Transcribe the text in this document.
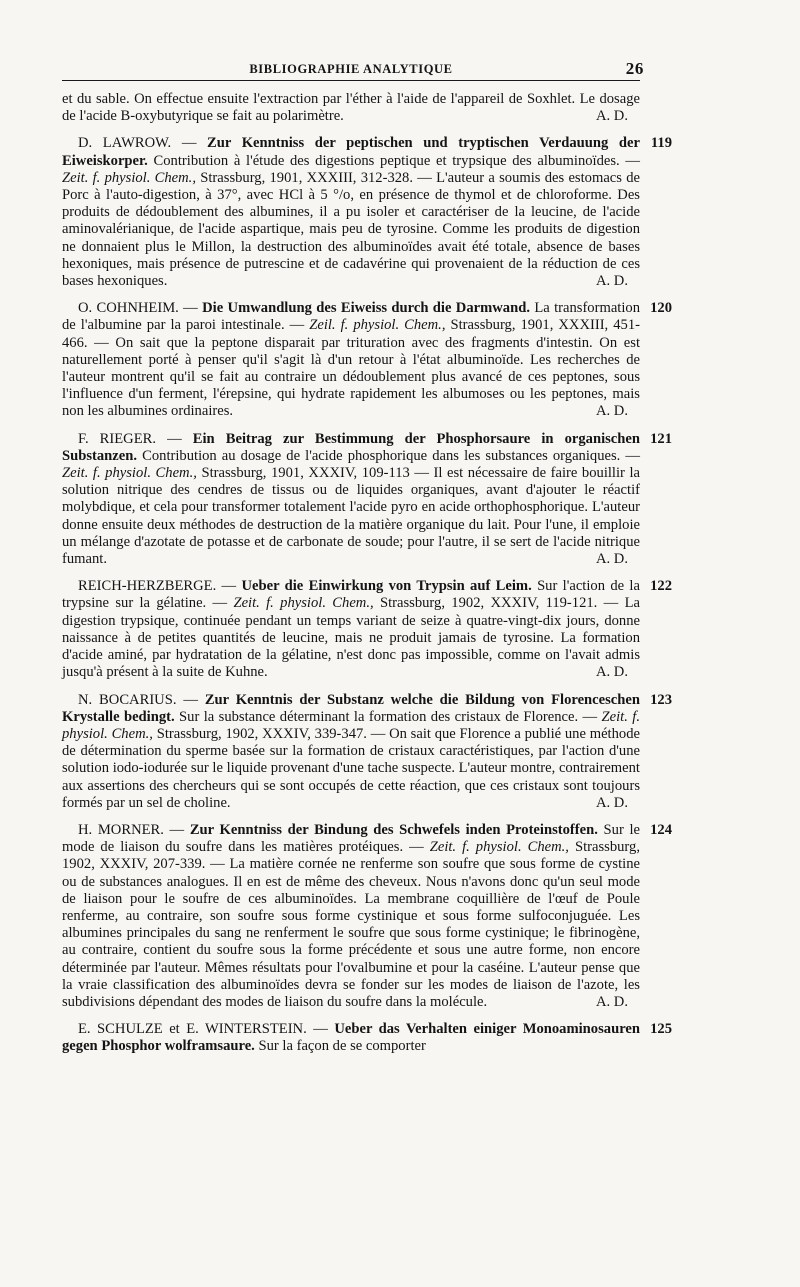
BIBLIOGRAPHIE ANALYTIQUE	26
et du sable. On effectue ensuite l'extraction par l'éther à l'aide de l'appareil de Soxhlet. Le dosage de l'acide B-oxybutyrique se fait au polarimètre.	A. D.
119
D. LAWROW. — Zur Kenntniss der peptischen und tryptischen Verdauung der Eiweiskorper. Contribution à l'étude des digestions peptique et trypsique des albuminoïdes. — Zeit. f. physiol. Chem., Strassburg, 1901, XXXIII, 312-328. — L'auteur a soumis des estomacs de Porc à l'auto-digestion, à 37°, avec HCl à 5 °/o, en présence de thymol et de chloroforme. Des produits de dédoublement des albumines, il a pu isoler et caractériser de la leucine, de l'acide aminovalérianique, de l'acide aspartique, mais peu de tyrosine. Comme les produits de digestion ne donnaient plus le Millon, la destruction des albuminoïdes avait été totale, absence de bases hexoniques, mais présence de putrescine et de cadavérine qui provenaient de la réduction de ces bases hexoniques.	A. D.
120
O. COHNHEIM. — Die Umwandlung des Eiweiss durch die Darmwand. La transformation de l'albumine par la paroi intestinale. — Zeil. f. physiol. Chem., Strassburg, 1901, XXXIII, 451-466. — On sait que la peptone disparait par trituration avec des fragments d'intestin. On est naturellement porté à penser qu'il s'agit là d'un retour à l'état albuminoïde. Les recherches de l'auteur montrent qu'il se fait au contraire un dédoublement plus avancé de ces peptones, sous l'influence d'un ferment, l'érepsine, qui hydrate rapidement les albumoses ou les peptones, mais non les albumines ordinaires.	A. D.
121
F. RIEGER. — Ein Beitrag zur Bestimmung der Phosphorsaure in organischen Substanzen. Contribution au dosage de l'acide phosphorique dans les substances organiques. — Zeit. f. physiol. Chem., Strassburg, 1901, XXXIV, 109-113 — Il est nécessaire de faire bouillir la solution nitrique des cendres de tissus ou de liquides organiques, avant d'ajouter le réactif molybdique, et cela pour transformer totalement l'acide pyro en acide orthophosphorique. L'auteur donne ensuite deux méthodes de destruction de la matière organique du lait. Pour l'une, il emploie un mélange d'azotate de potasse et de carbonate de soude; pour l'autre, il se sert de l'acide nitrique fumant.	A. D.
122
REICH-HERZBERGE. — Ueber die Einwirkung von Trypsin auf Leim. Sur l'action de la trypsine sur la gélatine. — Zeit. f. physiol. Chem., Strassburg, 1902, XXXIV, 119-121. — La digestion trypsique, continuée pendant un temps variant de seize à quatre-vingt-dix jours, donne naissance à de petites quantités de leucine, mais ne produit jamais de tyrosine. La formation d'acide aminé, par hydratation de la gélatine, n'est donc pas impossible, comme on l'avait admis jusqu'à présent à la suite de Kuhne.	A. D.
123
N. BOCARIUS. — Zur Kenntnis der Substanz welche die Bildung von Florenceschen Krystalle bedingt. Sur la substance déterminant la formation des cristaux de Florence. — Zeit. f. physiol. Chem., Strassburg, 1902, XXXIV, 339-347. — On sait que Florence a publié une méthode de détermination du sperme basée sur la formation de cristaux caractéristiques, par l'action d'une solution iodo-iodurée sur le liquide provenant d'une tache suspecte. L'auteur montre, contrairement aux assertions des chercheurs qui se sont occupés de cette réaction, que ces cristaux sont toujours formés par un sel de choline.	A. D.
124
H. MORNER. — Zur Kenntniss der Bindung des Schwefels inden Proteinstoffen. Sur le mode de liaison du soufre dans les matières protéiques. — Zeit. f. physiol. Chem., Strassburg, 1902, XXXIV, 207-339. — La matière cornée ne renferme son soufre que sous forme de cystine ou de substances analogues. Il en est de même des cheveux. Nous n'avons donc qu'un seul mode de liaison pour le soufre de ces albuminoïdes. La membrane coquillière de l'œuf de Poule renferme, au contraire, son soufre sous forme cystinique et sous forme sulfoconjuguée. Les albumines principales du sang ne renferment le soufre que sous forme cystinique; le fibrinogène, au contraire, contient du soufre sous la forme précédente et sous une autre forme, non encore déterminée par l'auteur. Mêmes résultats pour l'ovalbumine et pour la caséine. L'auteur pense que la vraie classification des albuminoïdes devra se fonder sur les modes de liaison de l'azote, les subdivisions dépendant des modes de liaison du soufre dans la molécule.	A. D.
125
E. SCHULZE et E. WINTERSTEIN. — Ueber das Verhalten einiger Monoaminosauren gegen Phosphor wolframsaure. Sur la façon de se comporter
